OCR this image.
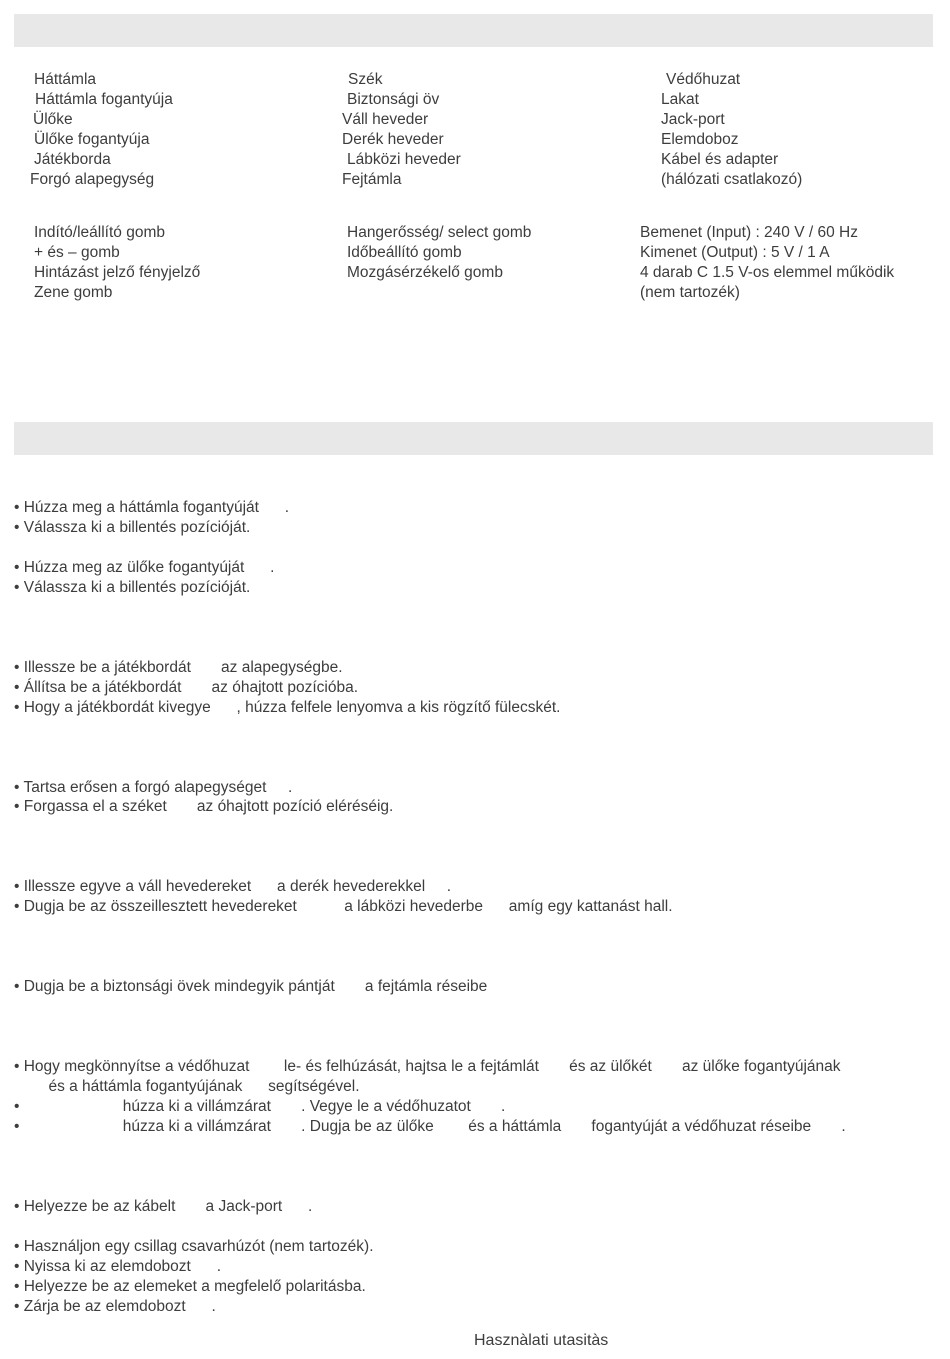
Háttámla
Háttámla fogantyúja
Ülőke
Ülőke fogantyúja
Játékborda
Forgó alapegység
Szék
Biztonsági öv
Váll heveder
Derék heveder
Lábközi heveder
Fejtámla
Védőhuzat
Lakat
Jack-port
Elemdoboz
Kábel és adapter
(hálózati csatlakozó)
Indító/leállító gomb
+ és – gomb
Hintázást jelző fényjelző
Zene gomb
Hangerősség/ select gomb
Időbeállító gomb
Mozgásérzékelő gomb
Bemenet (Input) : 240 V / 60 Hz
Kimenet (Output) : 5 V / 1 A
4 darab C 1.5 V-os elemmel működik
(nem tartozék)
• Húzza meg a háttámla fogantyúját      .
• Válassza ki a billentés pozícióját.
• Húzza meg az ülőke fogantyúját      .
• Válassza ki a billentés pozícióját.
• Illessze be a játékbordát       az alapegységbe.
• Állítsa be a játékbordát       az óhajtott pozícióba.
• Hogy a játékbordát kivegye      , húzza felfele lenyomva a kis rögzítő fülecskét.
• Tartsa erősen a forgó alapegységet     .
• Forgassa el a széket       az óhajtott pozíció eléréséig.
• Illessze egyve a váll hevedereket      a derék hevederekkel     .
• Dugja be az összeillesztett hevedereket           a lábközi hevederbe      amíg egy kattanást hall.
• Dugja be a biztonsági övek mindegyik pántját       a fejtámla réseibe
• Hogy megkönnyítse a védőhuzat        le- és felhúzását, hajtsa le a fejtámlát       és az ülőkét       az ülőke fogantyújának
és a háttámla fogantyújának      segítségével.
•                        húzza ki a villámzárat       . Vegye le a védőhuzatot       .
•                        húzza ki a villámzárat       . Dugja be az ülőke        és a háttámla       fogantyúját a védőhuzat réseibe       .
• Helyezze be az kábelt       a Jack-port      .
• Használjon egy csillag csavarhúzót (nem tartozék).
• Nyissa ki az elemdobozt      .
• Helyezze be az elemeket a megfelelő polaritásba.
• Zárja be az elemdobozt      .
Hasznàlati utasitàs
